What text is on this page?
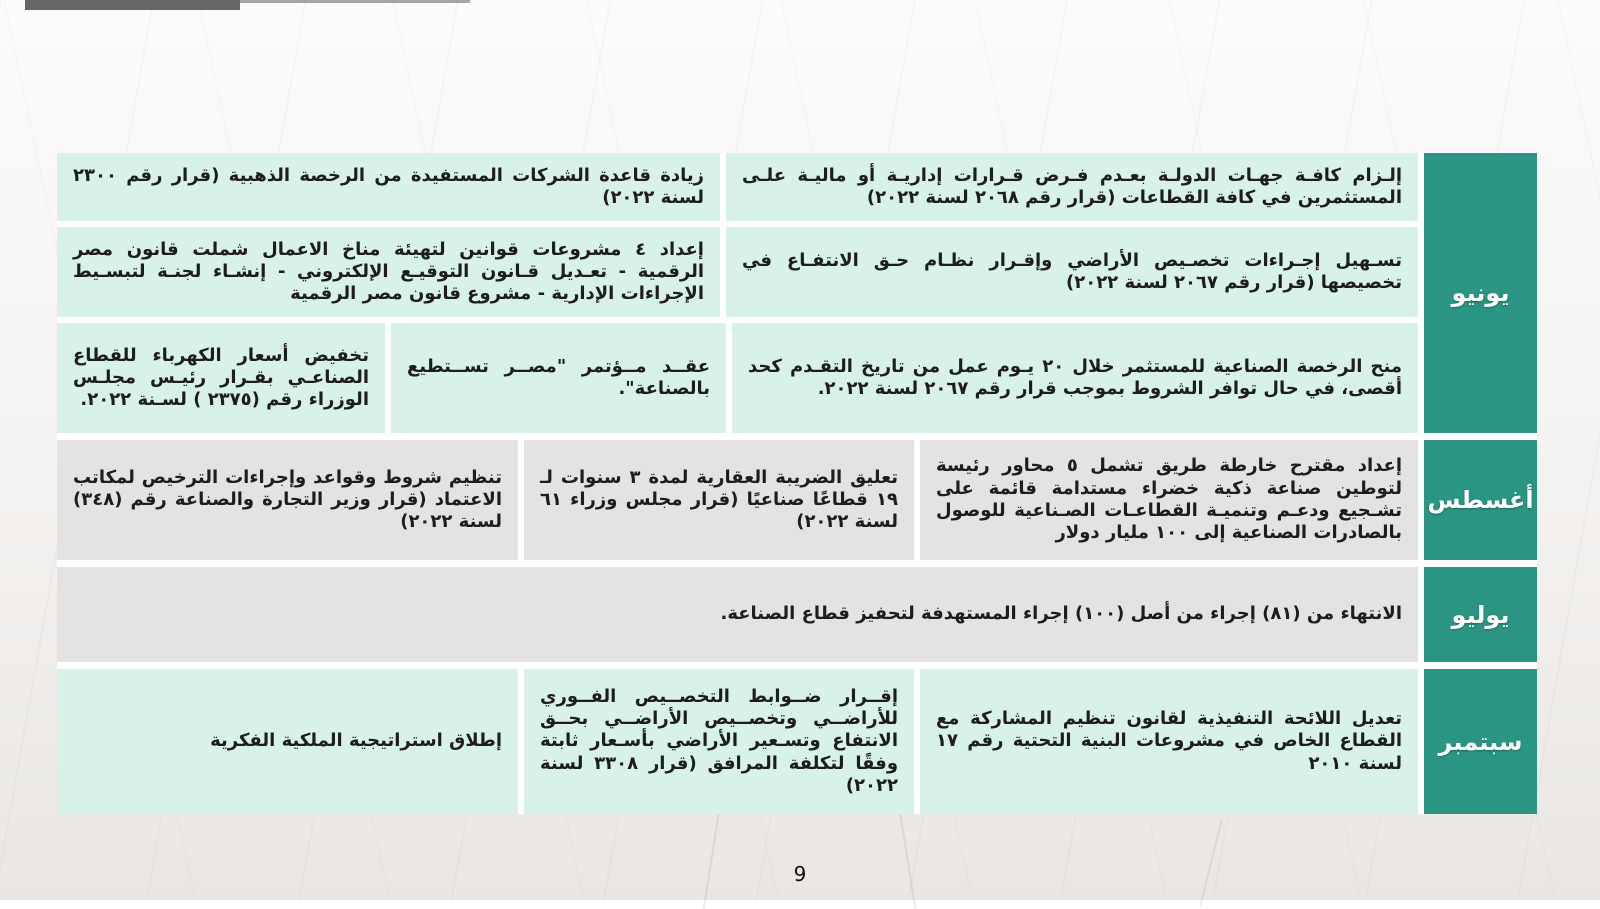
يونيو
إلـزام كافـة جهـات الدولـة بعـدم فـرض قـرارات إداريـة أو ماليـة علـى المستثمرين في كافة القطاعات (قرار رقم ٢٠٦٨ لسنة ٢٠٢٢)
زيادة قاعدة الشركات المستفيدة من الرخصة الذهبية (قرار رقم ٢٣٠٠ لسنة ٢٠٢٢)
تسـهيل إجـراءات تخصـيص الأراضي وإقـرار نظـام حـق الانتفـاع في تخصيصها (قرار رقم ٢٠٦٧ لسنة ٢٠٢٢)
إعداد ٤ مشروعات قوانين لتهيئة مناخ الاعمال شملت قانون مصر الرقمية - تعـديل قـانون التوقيـع الإلكتروني - إنشـاء لجنـة لتبسـيط الإجراءات الإدارية - مشروع قانون مصر الرقمية
منح الرخصة الصناعية للمستثمر خلال ٢٠ يـوم عمل من تاريخ التقـدم كحد أقصى، في حال توافر الشروط بموجب قرار رقم ٢٠٦٧ لسنة ٢٠٢٢.
عقــد مــؤتمر "مصــر تســتطيع بالصناعة".
تخفيض أسعار الكهرباء للقطاع الصناعـي بقـرار رئيـس مجلـس الوزراء رقم (٢٣٧٥ ) لسـنة ٢٠٢٢.
أغسطس
إعداد مقترح خارطة طريق تشمل ٥ محاور رئيسة لتوطين صناعة ذكية خضراء مستدامة قائمة على تشـجيع ودعـم وتنميـة القطاعـات الصـناعية للوصول بالصادرات الصناعية إلى ١٠٠ مليار دولار
تعليق الضريبة العقارية لمدة ٣ سنوات لـ ١٩ قطاعًا صناعيًا (قرار مجلس وزراء ٦١ لسنة ٢٠٢٢)
تنظيم شروط وقواعد وإجراءات الترخيص لمكاتب الاعتماد (قرار وزير التجارة والصناعة رقم (٣٤٨) لسنة ٢٠٢٢)
يوليو
الانتهاء من (٨١) إجراء من أصل (١٠٠) إجراء المستهدفة لتحفيز قطاع الصناعة.
سبتمبر
تعديل اللائحة التنفيذية لقانون تنظيم المشاركة مع القطاع الخاص في مشروعات البنية التحتية رقم ١٧ لسنة ٢٠١٠
إقــرار ضــوابط التخصــيص الفــوري للأراضــي وتخصــيص الأراضــي بحــق الانتفاع وتسـعير الأراضي بأسـعار ثابتة وفقًا لتكلفة المرافق (قرار ٣٣٠٨ لسنة ٢٠٢٢)
إطلاق استراتيجية الملكية الفكرية
9
